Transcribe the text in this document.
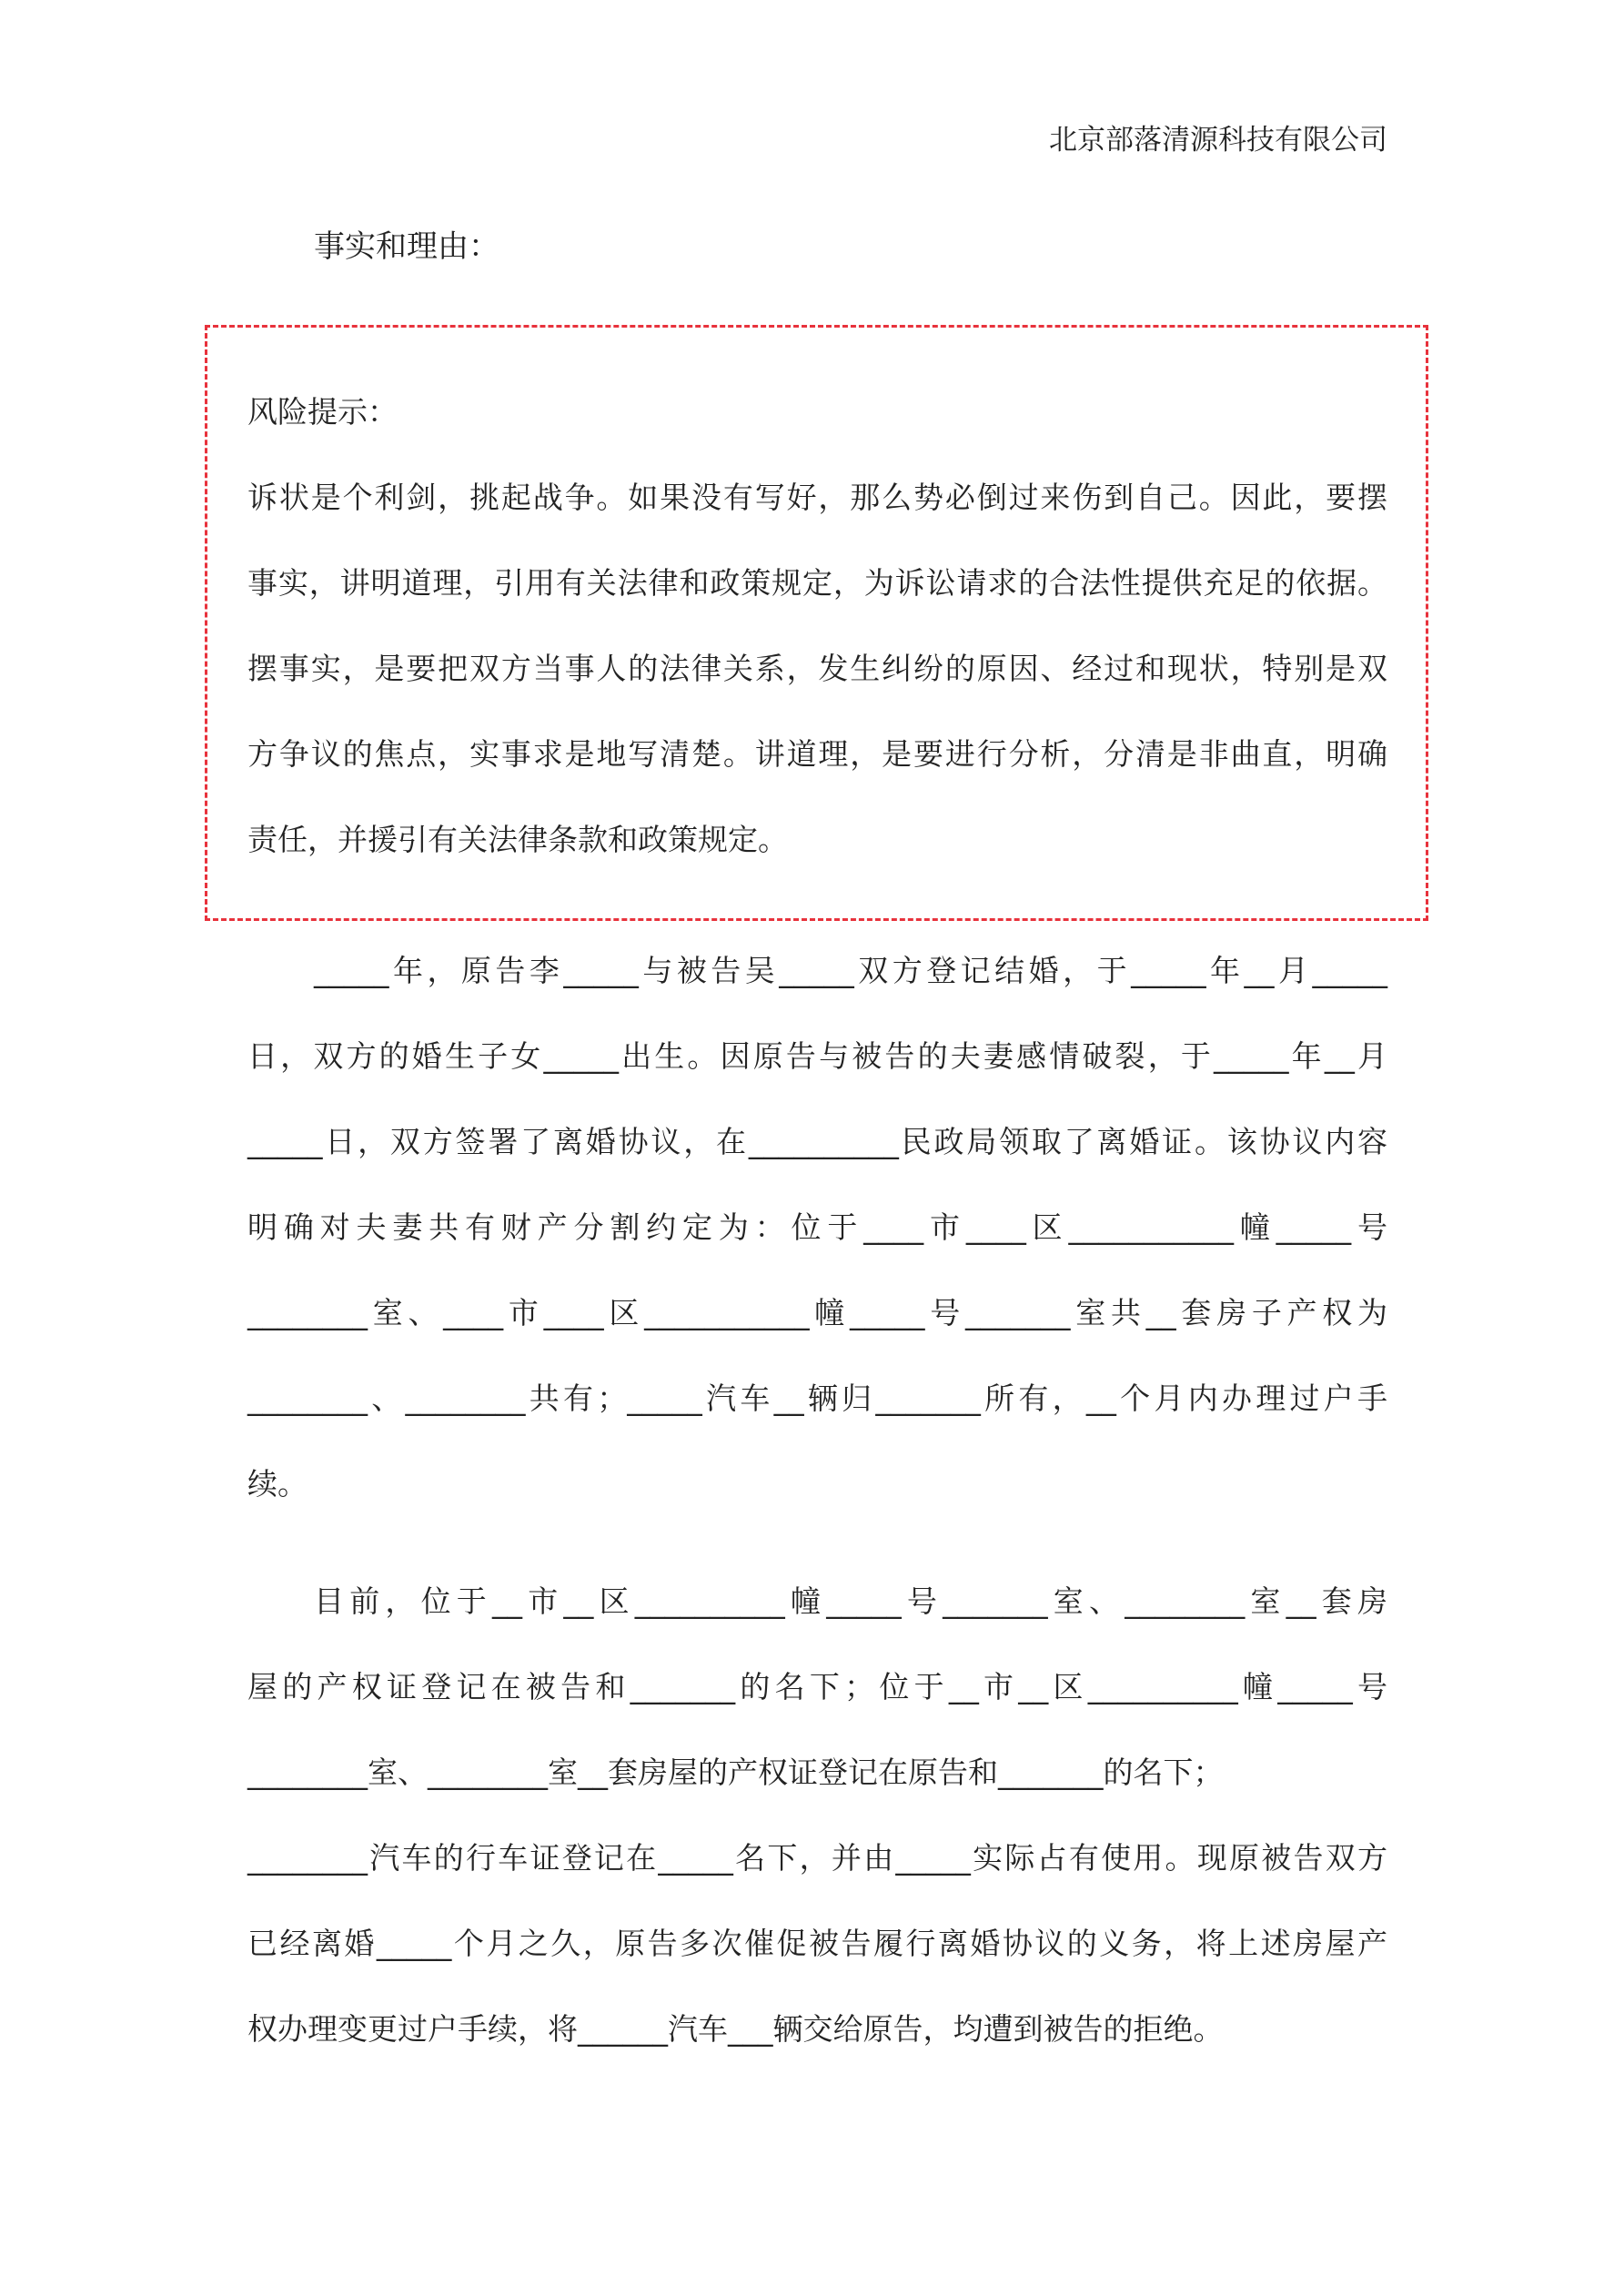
北京部落清源科技有限公司
事实和理由：
风险提示：
诉状是个利剑，挑起战争。如果没有写好，那么势必倒过来伤到自己。因此，要摆
事实，讲明道理，引用有关法律和政策规定，为诉讼请求的合法性提供充足的依据。
摆事实，是要把双方当事人的法律关系，发生纠纷的原因、经过和现状，特别是双
方争议的焦点，实事求是地写清楚。讲道理，是要进行分析，分清是非曲直，明确
责任，并援引有关法律条款和政策规定。
_____年，原告李_____与被告吴_____双方登记结婚，于_____年__月_____
日，双方的婚生子女_____出生。因原告与被告的夫妻感情破裂，于_____年__月
_____日，双方签署了离婚协议，在__________民政局领取了离婚证。该协议内容
明确对夫妻共有财产分割约定为：位于____市____区___________幢_____号
________室、____市____区___________幢_____号_______室共__套房子产权为
________、________共有；_____汽车__辆归_______所有，__个月内办理过户手
续。
目前，位于__市__区__________幢_____号_______室、________室__套房
屋的产权证登记在被告和_______的名下；位于__市__区__________幢_____号
________室、________室__套房屋的产权证登记在原告和_______的名下；
________汽车的行车证登记在_____名下，并由_____实际占有使用。现原被告双方
已经离婚_____个月之久，原告多次催促被告履行离婚协议的义务，将上述房屋产
权办理变更过户手续，将______汽车___辆交给原告，均遭到被告的拒绝。
